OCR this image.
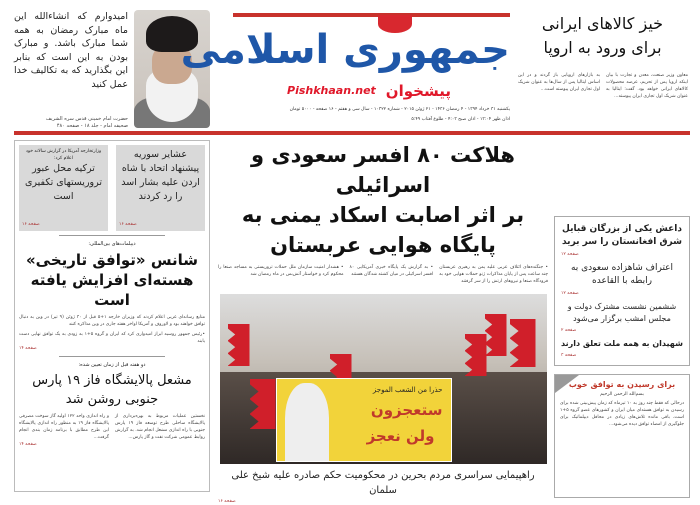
امیدوارم که انشاءالله این ماه مبارک رمضان به همه شما مبارک باشد. و مبارک بودن به این است که بنابر این بگذارید که به تکالیف خدا عمل کنید
حضرت امام خمینی قدس سره الشریف
صحیفه امام - جلد ۱۸ - صفحه ۴۸۰
جمهوری اسلامی
پیشخوان
Pishkhaan.net
یکشنبه ۳۱ خرداد ۱۳۹۴ - ۴ رمضان ۱۴۳۶ - ۲۱ ژوئن ۲۰۱۵ - شماره ۱۰۳۲۲ - سال سی و هفتم - ۱۶ صفحه - ۵۰۰۰ تومان
اذان ظهر ۱۳:۰۴ - اذان صبح ۴:۰۳ - طلوع آفتاب ۵:۴۹
خیز کالاهای ایرانی
برای ورود به اروپا
معاون وزیر صنعت، معدن و تجارت با بیان اینکه اروپا پس از تحریم، عرضه محصولات کالاهای ایرانی خواهد بود. گفت: ایتالیا به عنوان شریک اول تجاری ایران پیوسته...
به بازارهای اروپایی باز گردند و در این اساس ایتالیا پس از سال‌ها به عنوان شریک اول تجاری ایران پیوسته است...
هلاکت ۸۰ افسر سعودی و اسرائیلی
بر اثر اصابت اسکاد یمنی به پایگاه هوایی عربستان
• جنگنده‌های ائتلاف عربی علیه یمن به رهبری عربستان چند ساعت پس از پایان مذاکرات ژنو حملات هوایی خود به فرودگاه صنعا و نیروهای ارتش را از سر گرفتند
• به گزارش یک پایگاه خبری آمریکایی ۸۰ افسر اسرائیلی در میان کشته شدگان هستند
• هشدار امنیت سازمان ملل حملات تروریستی به مساجد صنعا را محکوم کرد و خواستار آتش‌بس در ماه رمضان شد
حذرا من الشعب الموجز
ستعجزون
ولن نعجز
راهپیمایی سراسری مردم بحرین در محکومیت حکم صادره علیه شیخ علی سلمان
صفحه ۱۶
عشایر سوریه پیشنهاد اتحاد با شاه اردن علیه بشار اسد را رد کردند
صفحه ۱۶
وزارتخارجه آمریکا در گزارش سالانه خود اعلام کرد:
ترکیه محل عبور تروریستهای تکفیری است
صفحه ۱۶
دیپلمات‌های بین‌المللی:
شانس «توافق تاریخی» هسته‌ای افزایش یافته است
منابع رسانه‌ای غربی اعلام کردند که وزیران خارجه ۱+۵ قبل از ۳۰ ژوئن (۹ تیر) در وین به دنبال توافق خواهند بود و لاوروف و آمریکا اواخر هفته جاری در وین مذاکره کنند
•رئیس جمهور روسیه ابراز امیدواری کرد که ایران و گروه ۵+۱ به زودی به یک توافق نهایی دست یابند
صفحه ۱۴
دو هفته قبل از زمان تعیین شده:
مشعل پالایشگاه فاز ۱۹ پارس جنوبی روشن شد
نخستین عملیات مربوط به بهره‌برداری از پالایشگاه ساحلی طرح توسعه فاز ۱۹ پارس جنوبی با راه اندازی مشعل انجام شد. به گزارش روابط عمومی شرکت نفت و گاز پارس...
و راه اندازی واحد ۱۲۲ اولیه گاز سوخت مصرفی پالایشگاه فاز ۱۹ به منظور راه اندازی پالایشگاه این طرح مطابق با برنامه زمان بندی انجام گرفت...
صفحه ۱۴
داعش یکی از بزرگان قبایل شرق افغانستان را سر برید
صفحه ۱۲
اعتراف شاهزاده سعودی به رابطه با القاعده
صفحه ۱۲
ششمین نشست مشترک دولت و مجلس امشب برگزار می‌شود
صفحه ۲
شهیدان به همه ملت تعلق دارند
صفحه ۳
برای رسیدن به توافق خوب
بسم‌الله الرحمن الرحیم
درحالی که فقط چند روز به ۱۰ تیرماه که زمان پیش‌بینی شده برای رسیدن به توافق هسته‌ای میان ایران و کشورهای عضو گروه ۵+۱ است، باقی مانده تلاش‌های زیادی در محافل دیپلماتیک برای جلوگیری از امضاء توافق دیده می‌شود...
